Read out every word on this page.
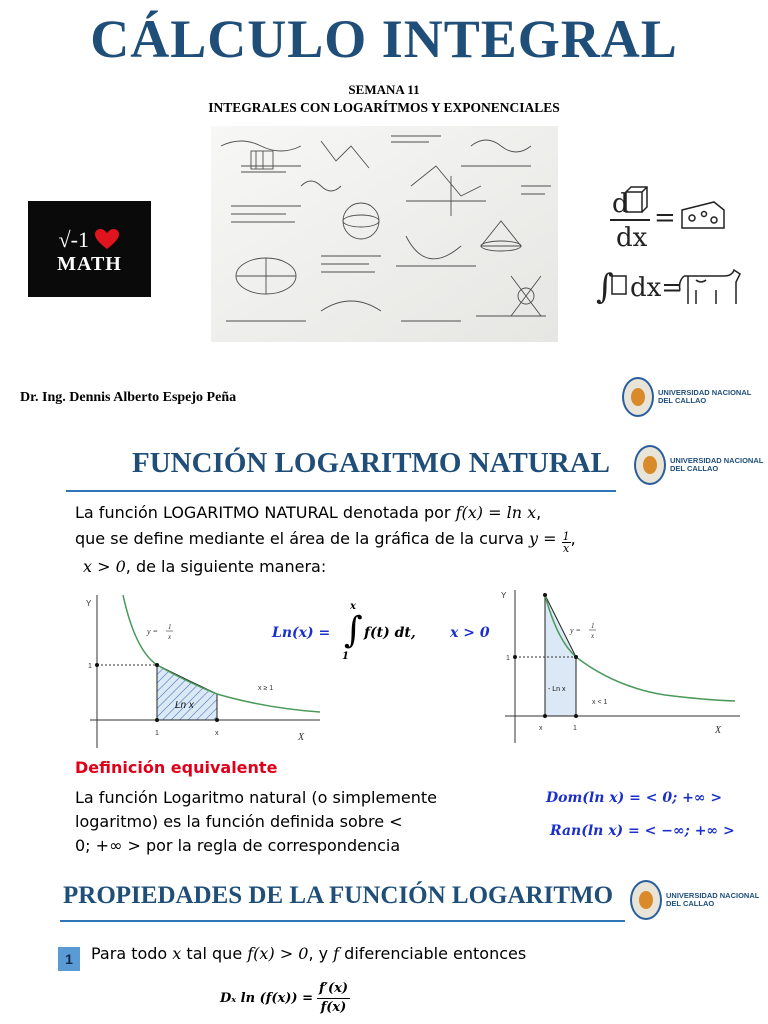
CÁLCULO INTEGRAL
SEMANA 11
INTEGRALES CON LOGARÍTMOS Y EXPONENCIALES
√-1
MATH
d
dx
=
∫ dx=
Dr. Ing. Dennis Alberto Espejo Peña	UNIVERSIDAD NACIONAL
DEL CALLAO
FUNCIÓN LOGARITMO NATURAL	UNIVERSIDAD NACIONAL
DEL CALLAO
La función LOGARITMO NATURAL denotada por f(x) = ln x,
que se define mediante el área de la gráfica de la curva $y = \frac{1}{x}$ ,
x > 0, de la siguiente manera:
Y
X
y = 1
x
1
1	x
Ln x
x ≥ 1
Ln(x) = ∫
x
1
f(t) dt, x > 0
Y
X
y = 1
x
1
x	1
- Ln x
x < 1
Definición equivalente
La función Logaritmo natural (o simplemente
logaritmo) es la función definida sobre <
0; +∞ > por la regla de correspondencia
Dom(ln x) = < 0; +∞ >
Ran(ln x) = < −∞; +∞ >
PROPIEDADES DE LA FUNCIÓN LOGARITMO	UNIVERSIDAD NACIONAL
DEL CALLAO
1	Para todo x tal que f(x) > 0, y f diferenciable entonces
Dₓ $\ln (f(x)) = \frac{f'(x)}{f(x)}$
